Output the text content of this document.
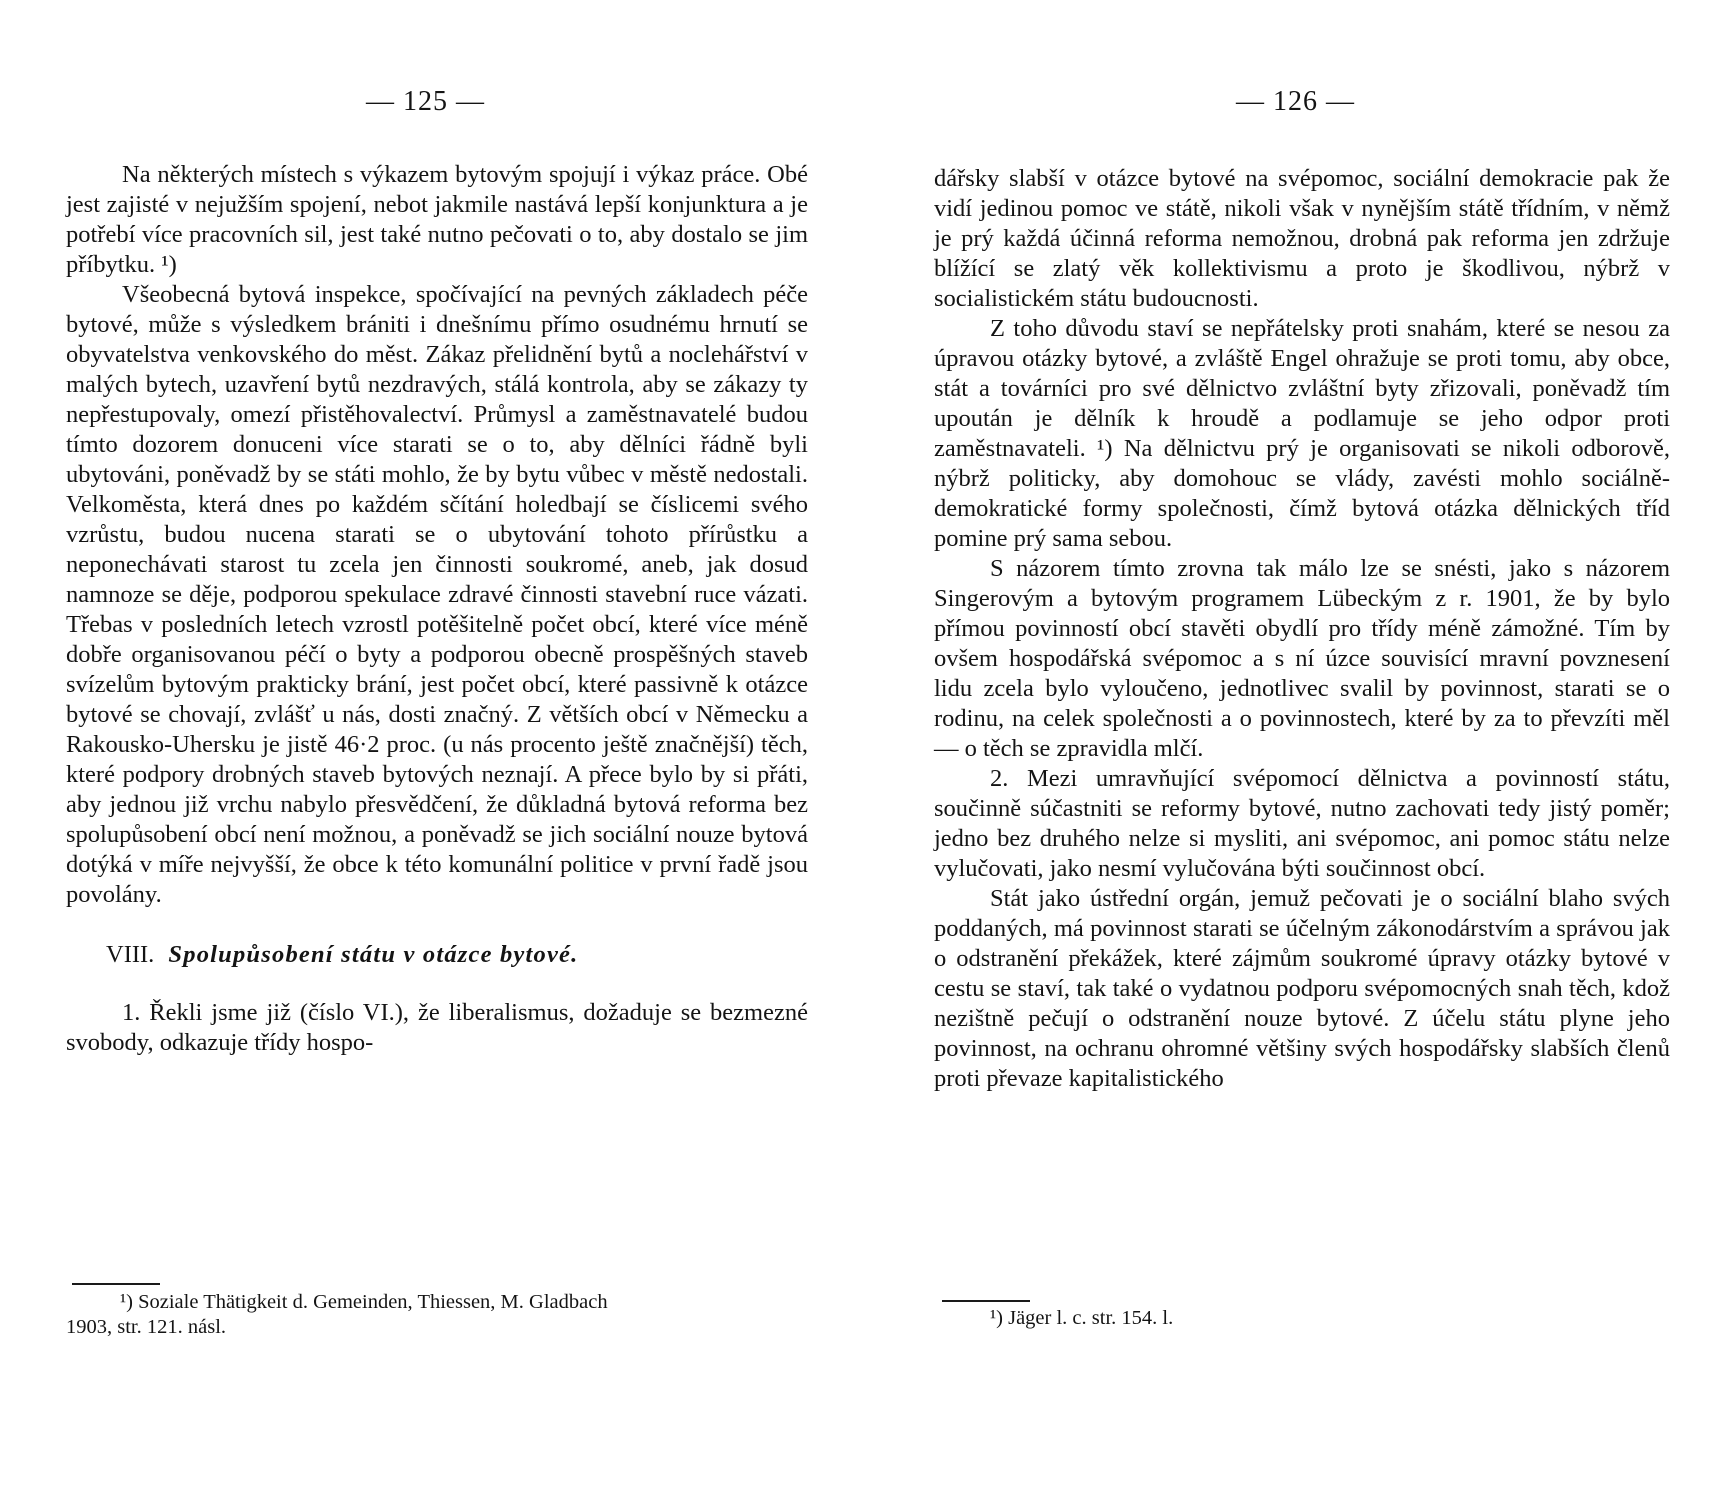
— 125 —

Na některých místech s výkazem bytovým spojují i výkaz práce. Obé jest zajisté v nejužším spojení, nebot jakmile nastává lepší konjunktura a je potřebí více pracovních sil, jest také nutno pečovati o to, aby dostalo se jim příbytku. ¹)

Všeobecná bytová inspekce, spočívající na pevných základech péče bytové, může s výsledkem brániti i dnešnímu přímo osudnému hrnutí se obyvatelstva venkovského do měst. Zákaz přelidnění bytů a noclehářství v malých bytech, uzavření bytů nezdravých, stálá kontrola, aby se zákazy ty nepřestupovaly, omezí přistěhovalectví. Průmysl a zaměstnavatelé budou tímto dozorem donuceni více starati se o to, aby dělníci řádně byli ubytováni, poněvadž by se státi mohlo, že by bytu vůbec v městě nedostali. Velkoměsta, která dnes po každém sčítání holedbají se číslicemi svého vzrůstu, budou nucena starati se o ubytování tohoto přírůstku a neponechávati starost tu zcela jen činnosti soukromé, aneb, jak dosud namnoze se děje, podporou spekulace zdravé činnosti stavební ruce vázati. Třebas v posledních letech vzrostl potěšitelně počet obcí, které více méně dobře organisovanou péčí o byty a podporou obecně prospěšných staveb svízelům bytovým prakticky brání, jest počet obcí, které passivně k otázce bytové se chovají, zvlášť u nás, dosti značný. Z větších obcí v Německu a Rakousko-Uhersku je jistě 46·2 proc. (u nás procento ještě značnější) těch, které podpory drobných staveb bytových neznají. A přece bylo by si přáti, aby jednou již vrchu nabylo přesvědčení, že důkladná bytová reforma bez spolupůsobení obcí není možnou, a poněvadž se jich sociální nouze bytová dotýká v míře nejvyšší, že obce k této komunální politice v první řadě jsou povolány.

VIII. Spolupůsobení státu v otázce bytové.

1. Řekli jsme již (číslo VI.), že liberalismus, dožaduje se bezmezné svobody, odkazuje třídy hospo-

¹) Soziale Thätigkeit d. Gemeinden, Thiessen, M. Gladbach

1903, str. 121. násl.

— 126 —

dářsky slabší v otázce bytové na svépomoc, sociální demokracie pak že vidí jedinou pomoc ve státě, nikoli však v nynějším státě třídním, v němž je prý každá účinná reforma nemožnou, drobná pak reforma jen zdržuje blížící se zlatý věk kollektivismu a proto je škodlivou, nýbrž v socialistickém státu budoucnosti.

Z toho důvodu staví se nepřátelsky proti snahám, které se nesou za úpravou otázky bytové, a zvláště Engel ohražuje se proti tomu, aby obce, stát a továrníci pro své dělnictvo zvláštní byty zřizovali, poněvadž tím upoután je dělník k hroudě a podlamuje se jeho odpor proti zaměstnavateli. ¹) Na dělnictvu prý je organisovati se nikoli odborově, nýbrž politicky, aby domohouc se vlády, zavésti mohlo sociálně-demokratické formy společnosti, čímž bytová otázka dělnických tříd pomine prý sama sebou.

S názorem tímto zrovna tak málo lze se snésti, jako s názorem Singerovým a bytovým programem Lübeckým z r. 1901, že by bylo přímou povinností obcí stavěti obydlí pro třídy méně zámožné. Tím by ovšem hospodářská svépomoc a s ní úzce souvisící mravní povznesení lidu zcela bylo vyloučeno, jednotlivec svalil by povinnost, starati se o rodinu, na celek společnosti a o povinnostech, které by za to převzíti měl — o těch se zpravidla mlčí.

2. Mezi umravňující svépomocí dělnictva a povinností státu, součinně súčastniti se reformy bytové, nutno zachovati tedy jistý poměr; jedno bez druhého nelze si mysliti, ani svépomoc, ani pomoc státu nelze vylučovati, jako nesmí vylučována býti součinnost obcí.

Stát jako ústřední orgán, jemuž pečovati je o sociální blaho svých poddaných, má povinnost starati se účelným zákonodárstvím a správou jak o odstranění překážek, které zájmům soukromé úpravy otázky bytové v cestu se staví, tak také o vydatnou podporu svépomocných snah těch, kdož nezištně pečují o odstranění nouze bytové. Z účelu státu plyne jeho povinnost, na ochranu ohromné většiny svých hospodářsky slabších členů proti převaze kapitalistického

¹) Jäger l. c. str. 154. l.
